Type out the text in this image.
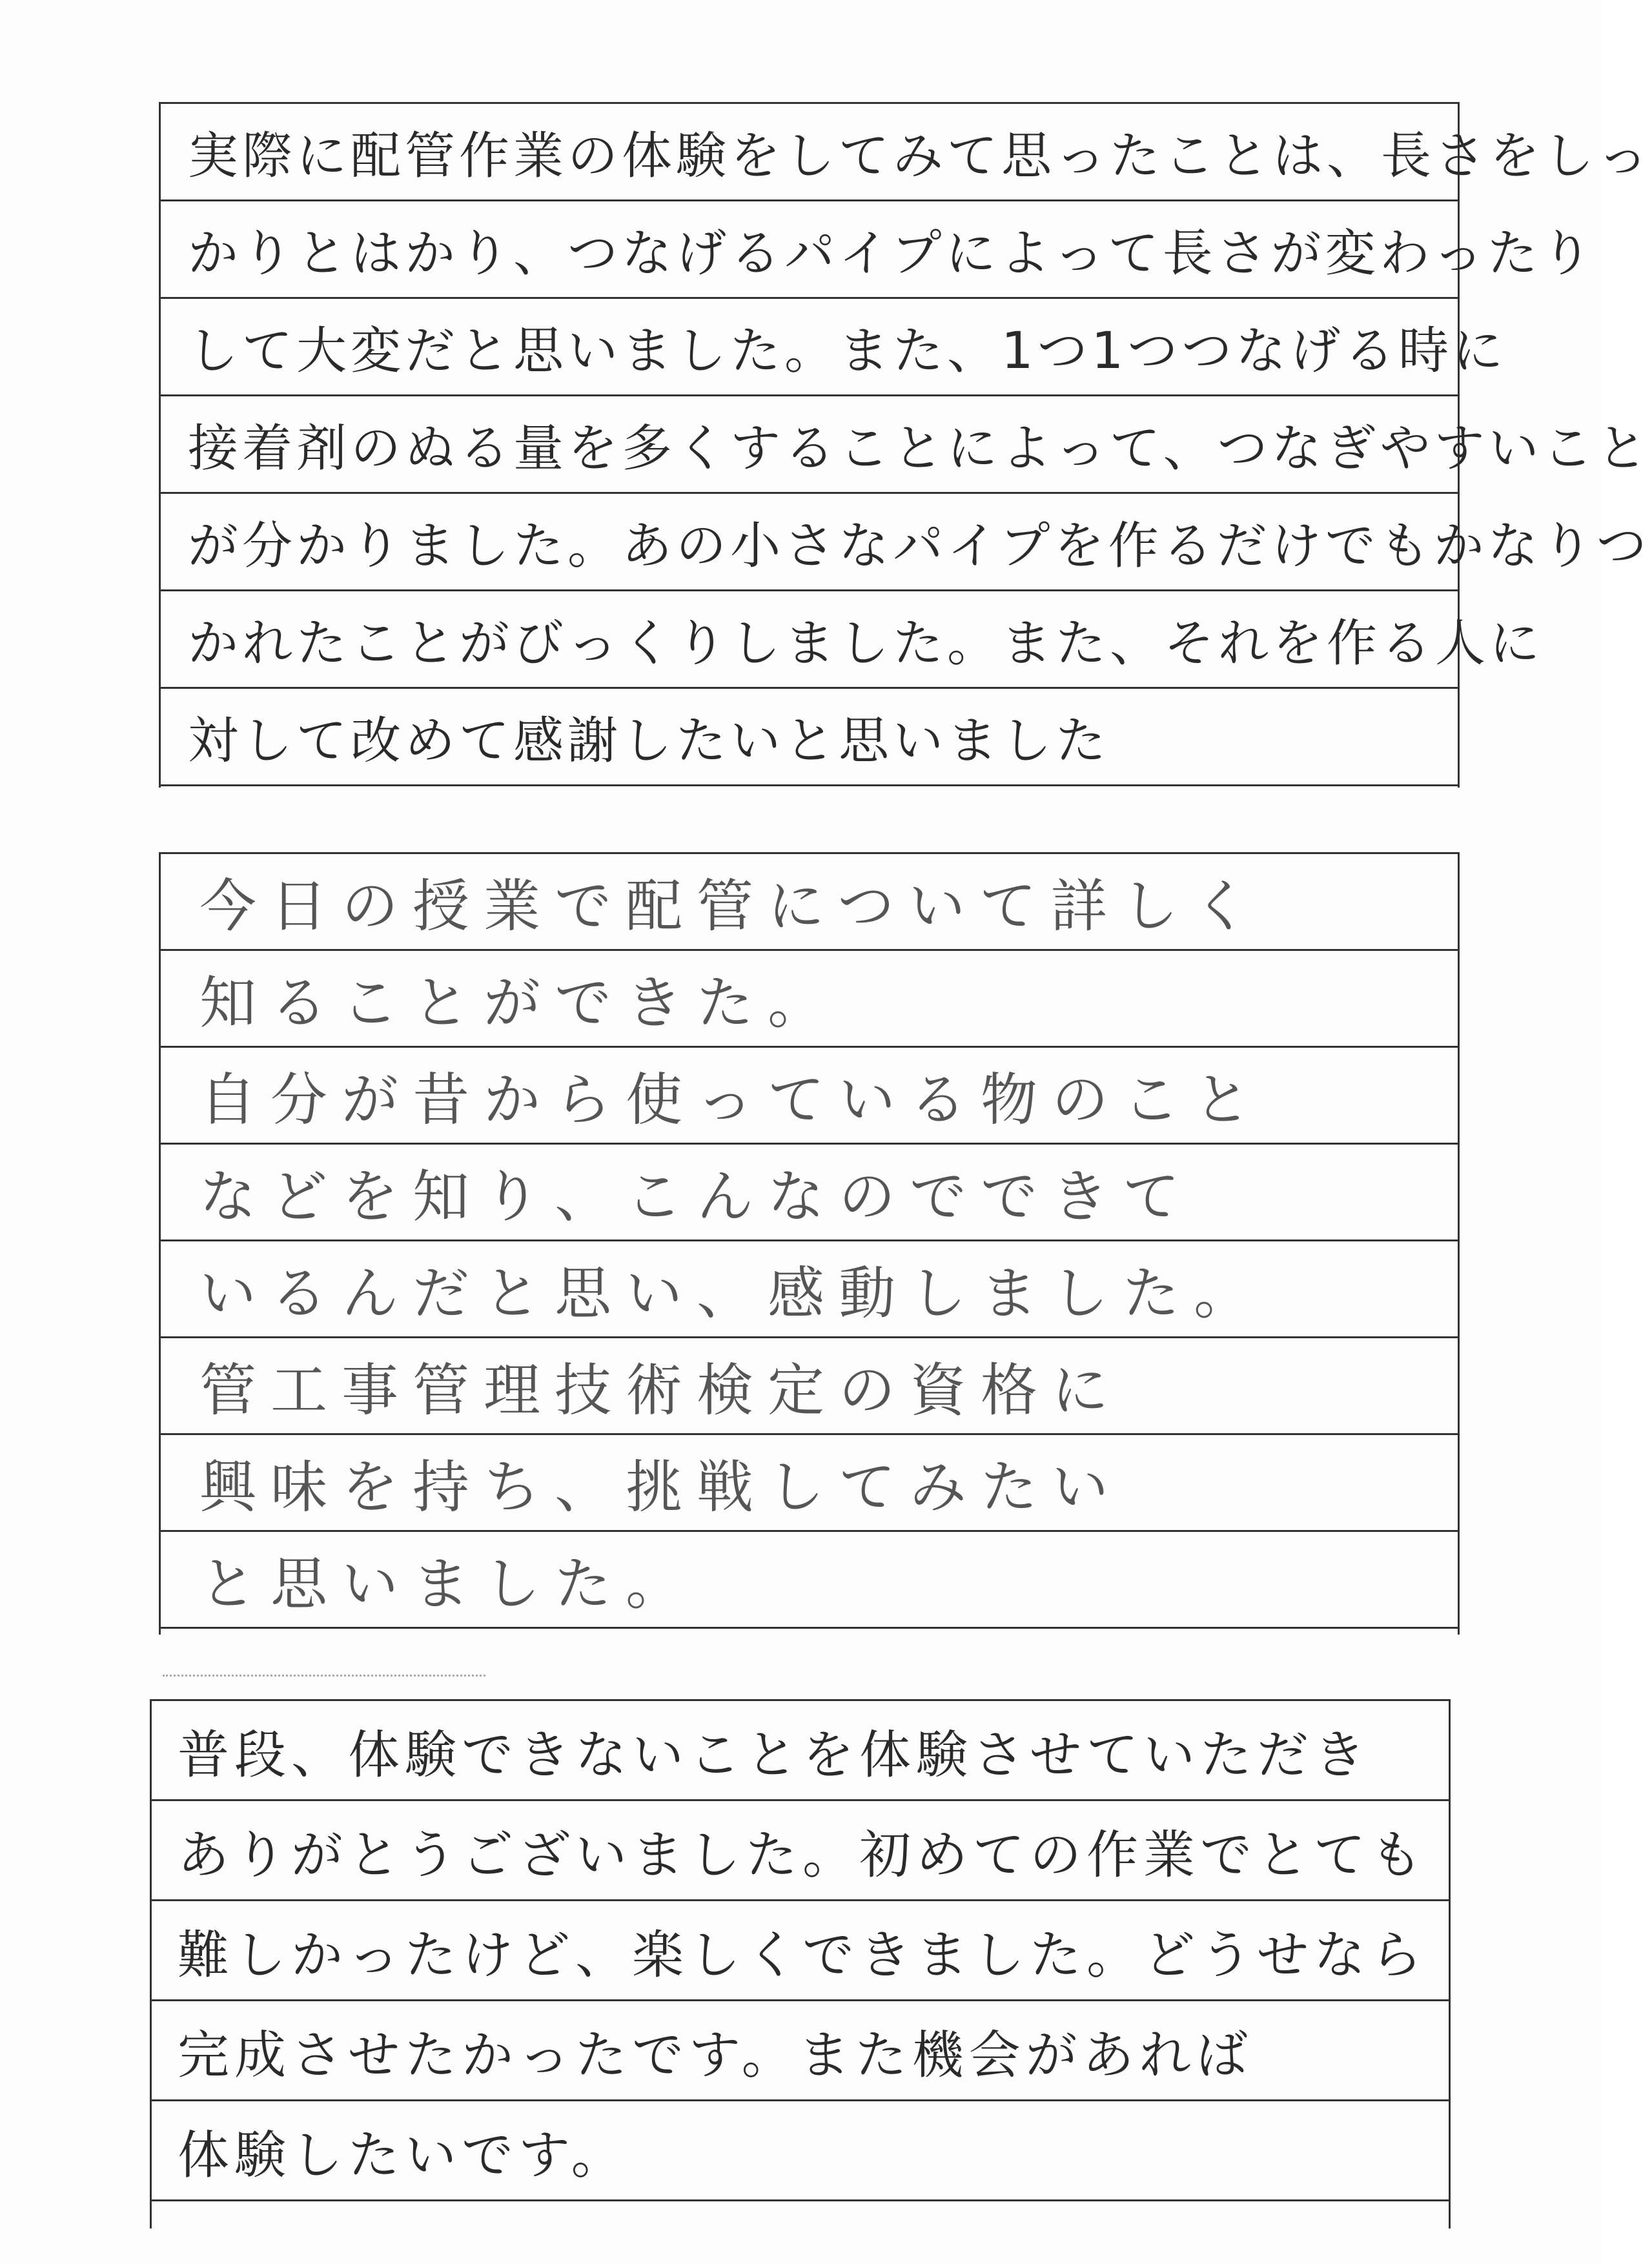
実際に配管作業の体験をしてみて思ったことは、長さをしっ
かりとはかり、つなげるパイプによって長さが変わったり
して大変だと思いました。また、1つ1つつなげる時に
接着剤のぬる量を多くすることによって、つなぎやすいこと
が分かりました。あの小さなパイプを作るだけでもかなりつ
かれたことがびっくりしました。また、それを作る人に
対して改めて感謝したいと思いました
今日の授業で配管について詳しく
知ることができた。
自分が昔から使っている物のこと
などを知り、こんなのでできて
いるんだと思い、感動しました。
管工事管理技術検定の資格に
興味を持ち、挑戦してみたい
と思いました。
普段、体験できないことを体験させていただき
ありがとうございました。初めての作業でとても
難しかったけど、楽しくできました。どうせなら
完成させたかったです。また機会があれば
体験したいです。
